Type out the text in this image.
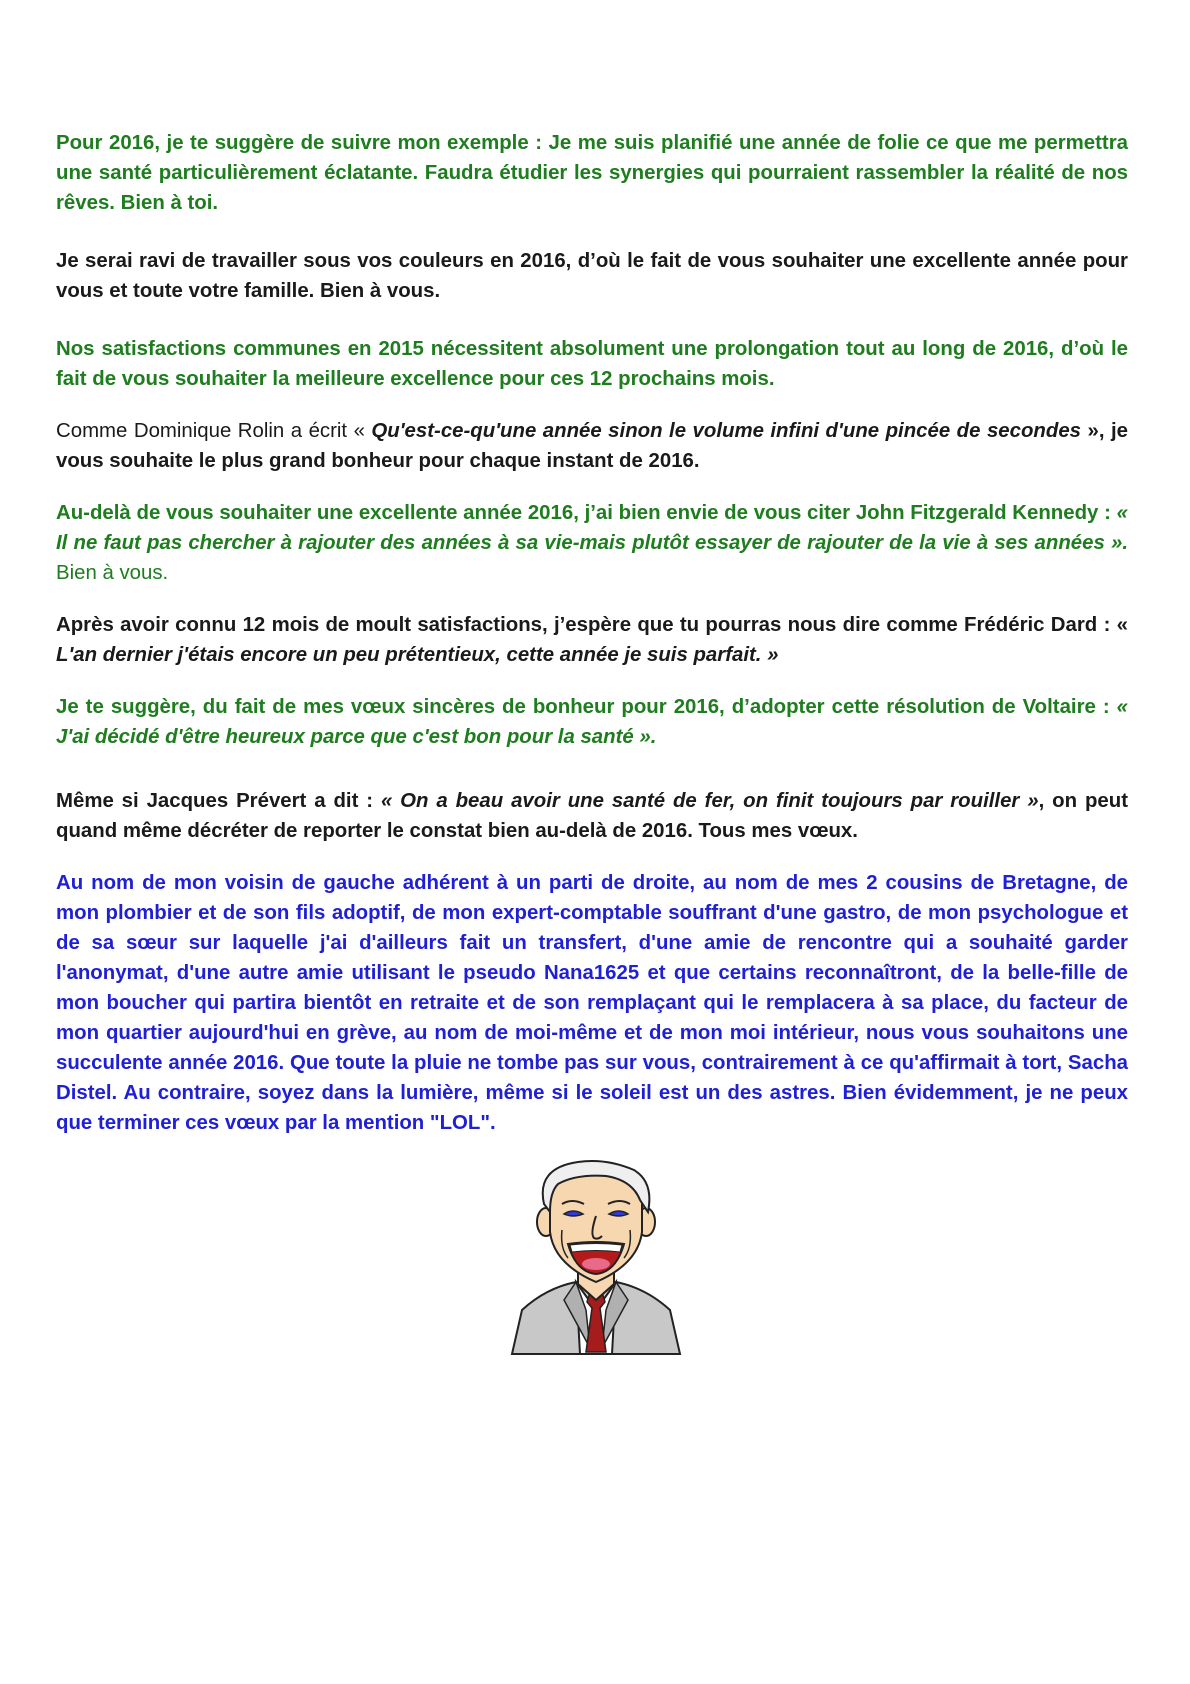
Pour 2016, je te suggère de suivre mon exemple : Je me suis planifié une année de folie ce que me permettra une santé particulièrement éclatante. Faudra étudier les synergies qui pourraient rassembler la réalité de nos rêves. Bien à toi.

Je serai ravi de travailler sous vos couleurs en 2016, d’où le fait de vous souhaiter une excellente année pour vous et toute votre famille. Bien à vous.

Nos satisfactions communes en 2015 nécessitent absolument une prolongation tout au long de 2016, d’où le fait de vous souhaiter la meilleure excellence pour ces 12 prochains mois.

Comme Dominique Rolin a écrit « Qu'est-ce-qu'une année sinon le volume infini d'une pincée de secondes », je vous souhaite le plus grand bonheur pour chaque instant de 2016.

Au-delà de vous souhaiter une excellente année 2016, j’ai bien envie de vous citer John Fitzgerald Kennedy : « Il ne faut pas chercher à rajouter des années à sa vie-mais plutôt essayer de rajouter de la vie à ses années ». Bien à vous.

Après avoir connu 12 mois de moult satisfactions, j’espère que tu pourras nous dire comme Frédéric Dard : « L'an dernier j'étais encore un peu prétentieux, cette année je suis parfait. »

Je te suggère, du fait de mes vœux sincères de bonheur pour 2016, d’adopter cette résolution de Voltaire : « J'ai décidé d'être heureux parce que c'est bon pour la santé ».

Même si Jacques Prévert a dit : « On a beau avoir une santé de fer, on finit toujours par rouiller », on peut quand même décréter de reporter le constat bien au-delà de 2016. Tous mes vœux.

Au nom de mon voisin de gauche adhérent à un parti de droite, au nom de mes 2 cousins de Bretagne, de mon plombier et de son fils adoptif, de mon expert-comptable souffrant d'une gastro, de mon psychologue et de sa sœur sur laquelle j'ai d'ailleurs fait un transfert, d'une amie de rencontre qui a souhaité garder l'anonymat, d'une autre amie utilisant le pseudo Nana1625 et que certains reconnaîtront, de la belle-fille de mon boucher qui partira bientôt en retraite et de son remplaçant qui le remplacera à sa place, du facteur de mon quartier aujourd'hui en grève, au nom de moi-même et de mon moi intérieur, nous vous souhaitons une succulente année 2016. Que toute la pluie ne tombe pas sur vous, contrairement à ce qu'affirmait à tort, Sacha Distel. Au contraire, soyez dans la lumière, même si le soleil est un des astres. Bien évidemment, je ne peux que terminer ces vœux par la mention "LOL".
